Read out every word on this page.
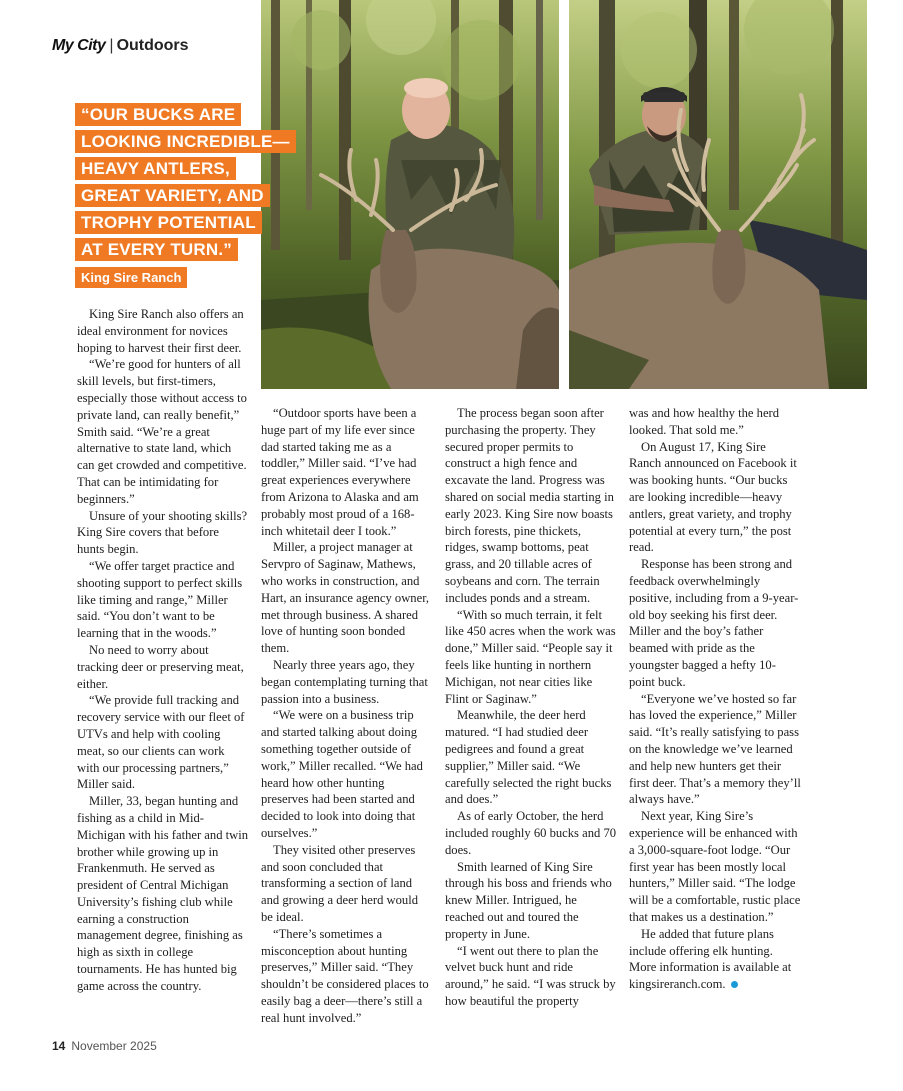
My City | Outdoors
“OUR BUCKS ARE
LOOKING INCREDIBLE—
HEAVY ANTLERS,
GREAT VARIETY, AND
TROPHY POTENTIAL
AT EVERY TURN.”
King Sire Ranch

King Sire Ranch also offers an ideal environment for novices hoping to harvest their first deer.

“We’re good for hunters of all skill levels, but first-timers, especially those without access to private land, can really benefit,” Smith said. “We’re a great alternative to state land, which can get crowded and competitive. That can be intimidating for beginners.”

Unsure of your shooting skills? King Sire covers that before hunts begin.

“We offer target practice and shooting support to perfect skills like timing and range,” Miller said. “You don’t want to be learning that in the woods.”

No need to worry about tracking deer or preserving meat, either.

“We provide full tracking and recovery service with our fleet of UTVs and help with cooling meat, so our clients can work with our processing partners,” Miller said.

Miller, 33, began hunting and fishing as a child in Mid-Michigan with his father and twin brother while growing up in Frankenmuth. He served as president of Central Michigan University’s fishing club while earning a construction management degree, finishing as high as sixth in college tournaments. He has hunted big game across the country.

“Outdoor sports have been a huge part of my life ever since dad started taking me as a toddler,” Miller said. “I’ve had great experiences everywhere from Arizona to Alaska and am probably most proud of a 168-inch whitetail deer I took.”

Miller, a project manager at Servpro of Saginaw, Mathews, who works in construction, and Hart, an insurance agency owner, met through business. A shared love of hunting soon bonded them.

Nearly three years ago, they began contemplating turning that passion into a business.

“We were on a business trip and started talking about doing something together outside of work,” Miller recalled. “We had heard how other hunting preserves had been started and decided to look into doing that ourselves.”

They visited other preserves and soon concluded that transforming a section of land and growing a deer herd would be ideal.

“There’s sometimes a misconception about hunting preserves,” Miller said. “They shouldn’t be considered places to easily bag a deer—there’s still a real hunt involved.”

The process began soon after purchasing the property. They secured proper permits to construct a high fence and excavate the land. Progress was shared on social media starting in early 2023. King Sire now boasts birch forests, pine thickets, ridges, swamp bottoms, peat grass, and 20 tillable acres of soybeans and corn. The terrain includes ponds and a stream.

“With so much terrain, it felt like 450 acres when the work was done,” Miller said. “People say it feels like hunting in northern Michigan, not near cities like Flint or Saginaw.”

Meanwhile, the deer herd matured. “I had studied deer pedigrees and found a great supplier,” Miller said. “We carefully selected the right bucks and does.”

As of early October, the herd included roughly 60 bucks and 70 does.

Smith learned of King Sire through his boss and friends who knew Miller. Intrigued, he reached out and toured the property in June.

“I went out there to plan the velvet buck hunt and ride around,” he said. “I was struck by how beautiful the property

was and how healthy the herd looked. That sold me.”

On August 17, King Sire Ranch announced on Facebook it was booking hunts. “Our bucks are looking incredible—heavy antlers, great variety, and trophy potential at every turn,” the post read.

Response has been strong and feedback overwhelmingly positive, including from a 9-year-old boy seeking his first deer. Miller and the boy’s father beamed with pride as the youngster bagged a hefty 10-point buck.

“Everyone we’ve hosted so far has loved the experience,” Miller said. “It’s really satisfying to pass on the knowledge we’ve learned and help new hunters get their first deer. That’s a memory they’ll always have.”

Next year, King Sire’s experience will be enhanced with a 3,000-square-foot lodge. “Our first year has been mostly local hunters,” Miller said. “The lodge will be a comfortable, rustic place that makes us a destination.”

He added that future plans include offering elk hunting. More information is available at kingsireranch.com.

14 November 2025
